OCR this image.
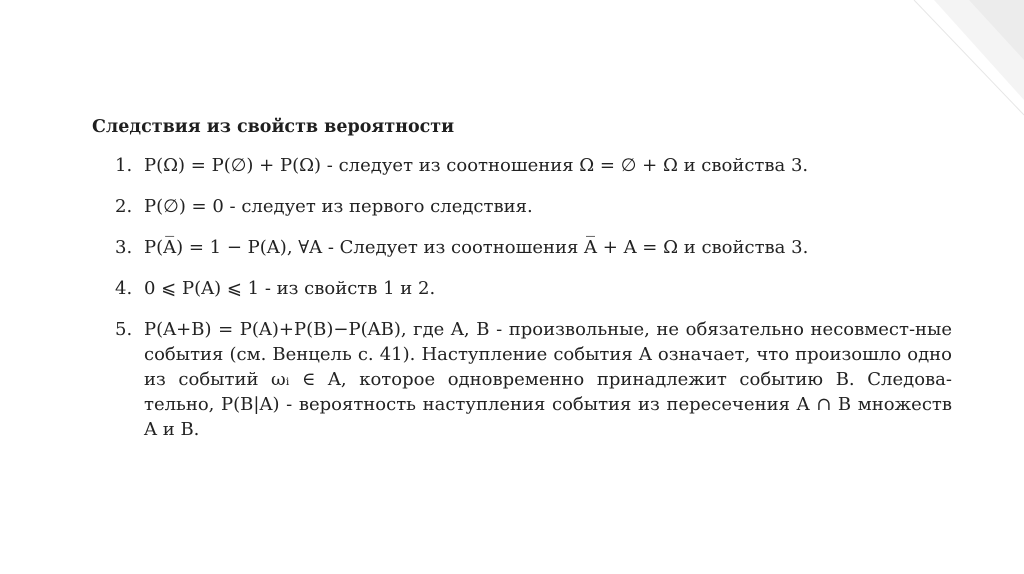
Следствия из свойств вероятности
1. P(Ω) = P(∅) + P(Ω) - следует из соотношения Ω = ∅ + Ω и свойства 3.
2. P(∅) = 0 - следует из первого следствия.
3. P(A̅) = 1 − P(A), ∀A - Следует из соотношения A̅ + A = Ω и свойства 3.
4. 0 ⩽ P(A) ⩽ 1 - из свойств 1 и 2.
5. P(A+B) = P(A)+P(B)−P(AB), где A, B - произвольные, не обязательно несовмест-ные события (см. Венцель с. 41). Наступление события A означает, что произошло одно из событий ωᵢ ∈ A, которое одновременно принадлежит событию B. Следова-тельно, P(B|A) - вероятность наступления события из пересечения A ∩ B множеств A и B.
